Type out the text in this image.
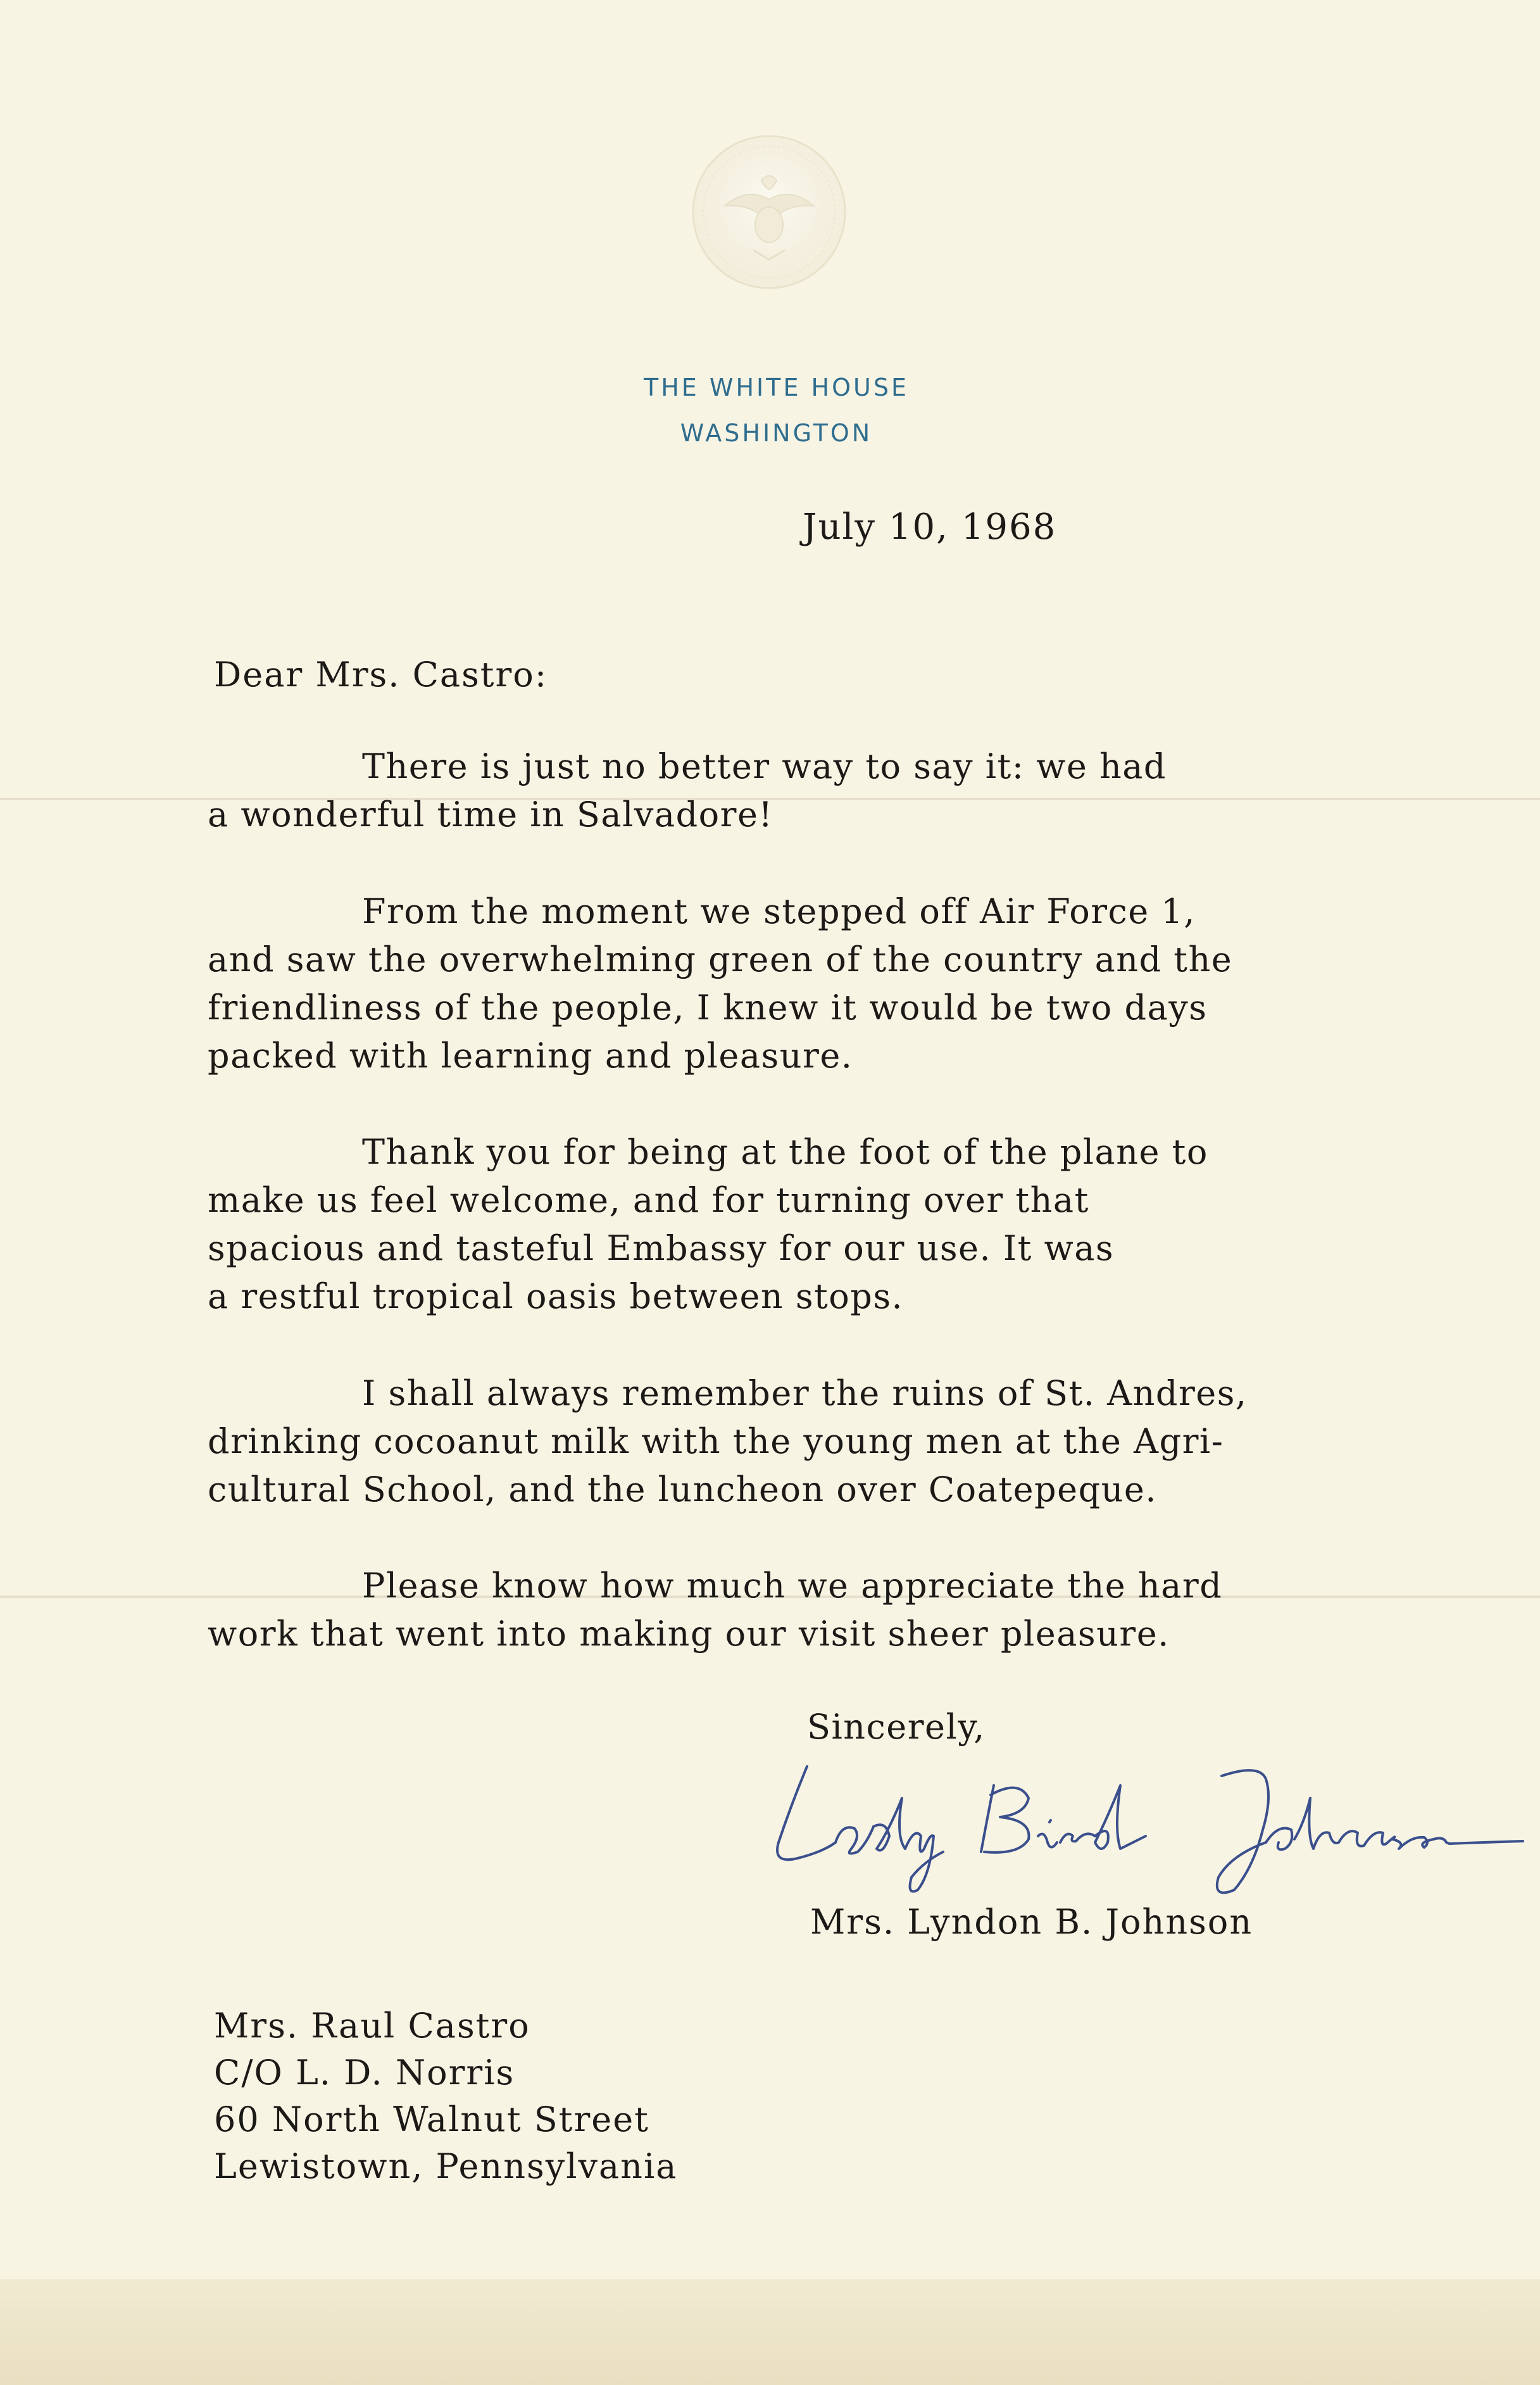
THE WHITE HOUSE
WASHINGTON
July 10, 1968
Dear Mrs. Castro:

There is just no better way to say it: we had
a wonderful time in Salvadore!

From the moment we stepped off Air Force 1,
and saw the overwhelming green of the country and the
friendliness of the people, I knew it would be two days
packed with learning and pleasure.

Thank you for being at the foot of the plane to
make us feel welcome, and for turning over that
spacious and tasteful Embassy for our use. It was
a restful tropical oasis between stops.

I shall always remember the ruins of St. Andres,
drinking cocoanut milk with the young men at the Agri-
cultural School, and the luncheon over Coatepeque.

Please know how much we appreciate the hard
work that went into making our visit sheer pleasure.

Sincerely,
Mrs. Lyndon B. Johnson
Mrs. Raul Castro
C/O L. D. Norris
60 North Walnut Street
Lewistown, Pennsylvania
